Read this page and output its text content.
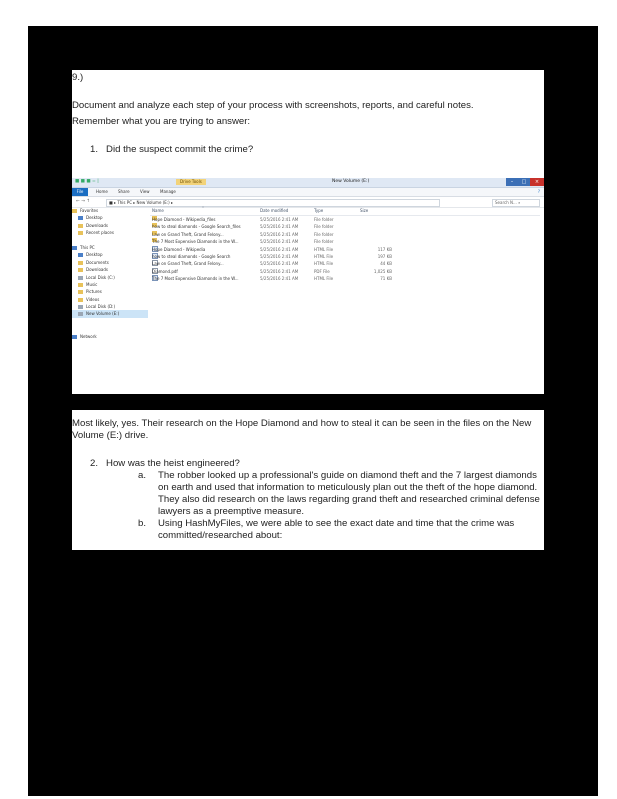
9.)

Document and analyze each step of your process with screenshots, reports, and careful notes.

Remember what you are trying to answer:

1. Did the suspect commit the crime?

■ ■ ■ = |	Drive Tools	New Volume (E:)	–	□	×
File	Home	Share	View	Manage	?
← → ↑	■ ▸ This PC ▸ New Volume (E:) ▸	Search N... ⌕
Favorites
Desktop
Downloads
Recent places
This PC
Desktop
Documents
Downloads
Local Disk (C:)
Music
Pictures
Videos
Local Disk (D:)
New Volume (E:)
Network
Name	˄	Date modified	Type	Size
Hope Diamond - Wikipedia_files	5/25/2016 2:41 AM	File folder
how to steal diamonds - Google Search_files	5/25/2016 2:41 AM	File folder
Law on Grand Theft, Grand Felony...	5/25/2016 2:41 AM	File folder
The 7 Most Expensive Diamonds in the W...	5/25/2016 2:41 AM	File folder
Hope Diamond - Wikipedia	5/25/2016 2:41 AM	HTML File	117 KB
how to steal diamonds - Google Search	5/25/2016 2:41 AM	HTML File	197 KB
Law on Grand Theft, Grand Felony...	5/25/2016 2:41 AM	HTML File	44 KB
Diamond.pdf	5/25/2016 2:41 AM	PDF File	1,025 KB
The 7 Most Expensive Diamonds in the W...	5/25/2016 2:41 AM	HTML File	71 KB

Most likely, yes. Their research on the Hope Diamond and how to steal it can be seen in the files on the New Volume (E:) drive.

2. How was the heist engineered?

a. The robber looked up a professional's guide on diamond theft and the 7 largest diamonds on earth and used that information to meticulously plan out the theft of the hope diamond. They also did research on the laws regarding grand theft and researched criminal defense lawyers as a preemptive measure.
b. Using HashMyFiles, we were able to see the exact date and time that the crime was committed/researched about:
